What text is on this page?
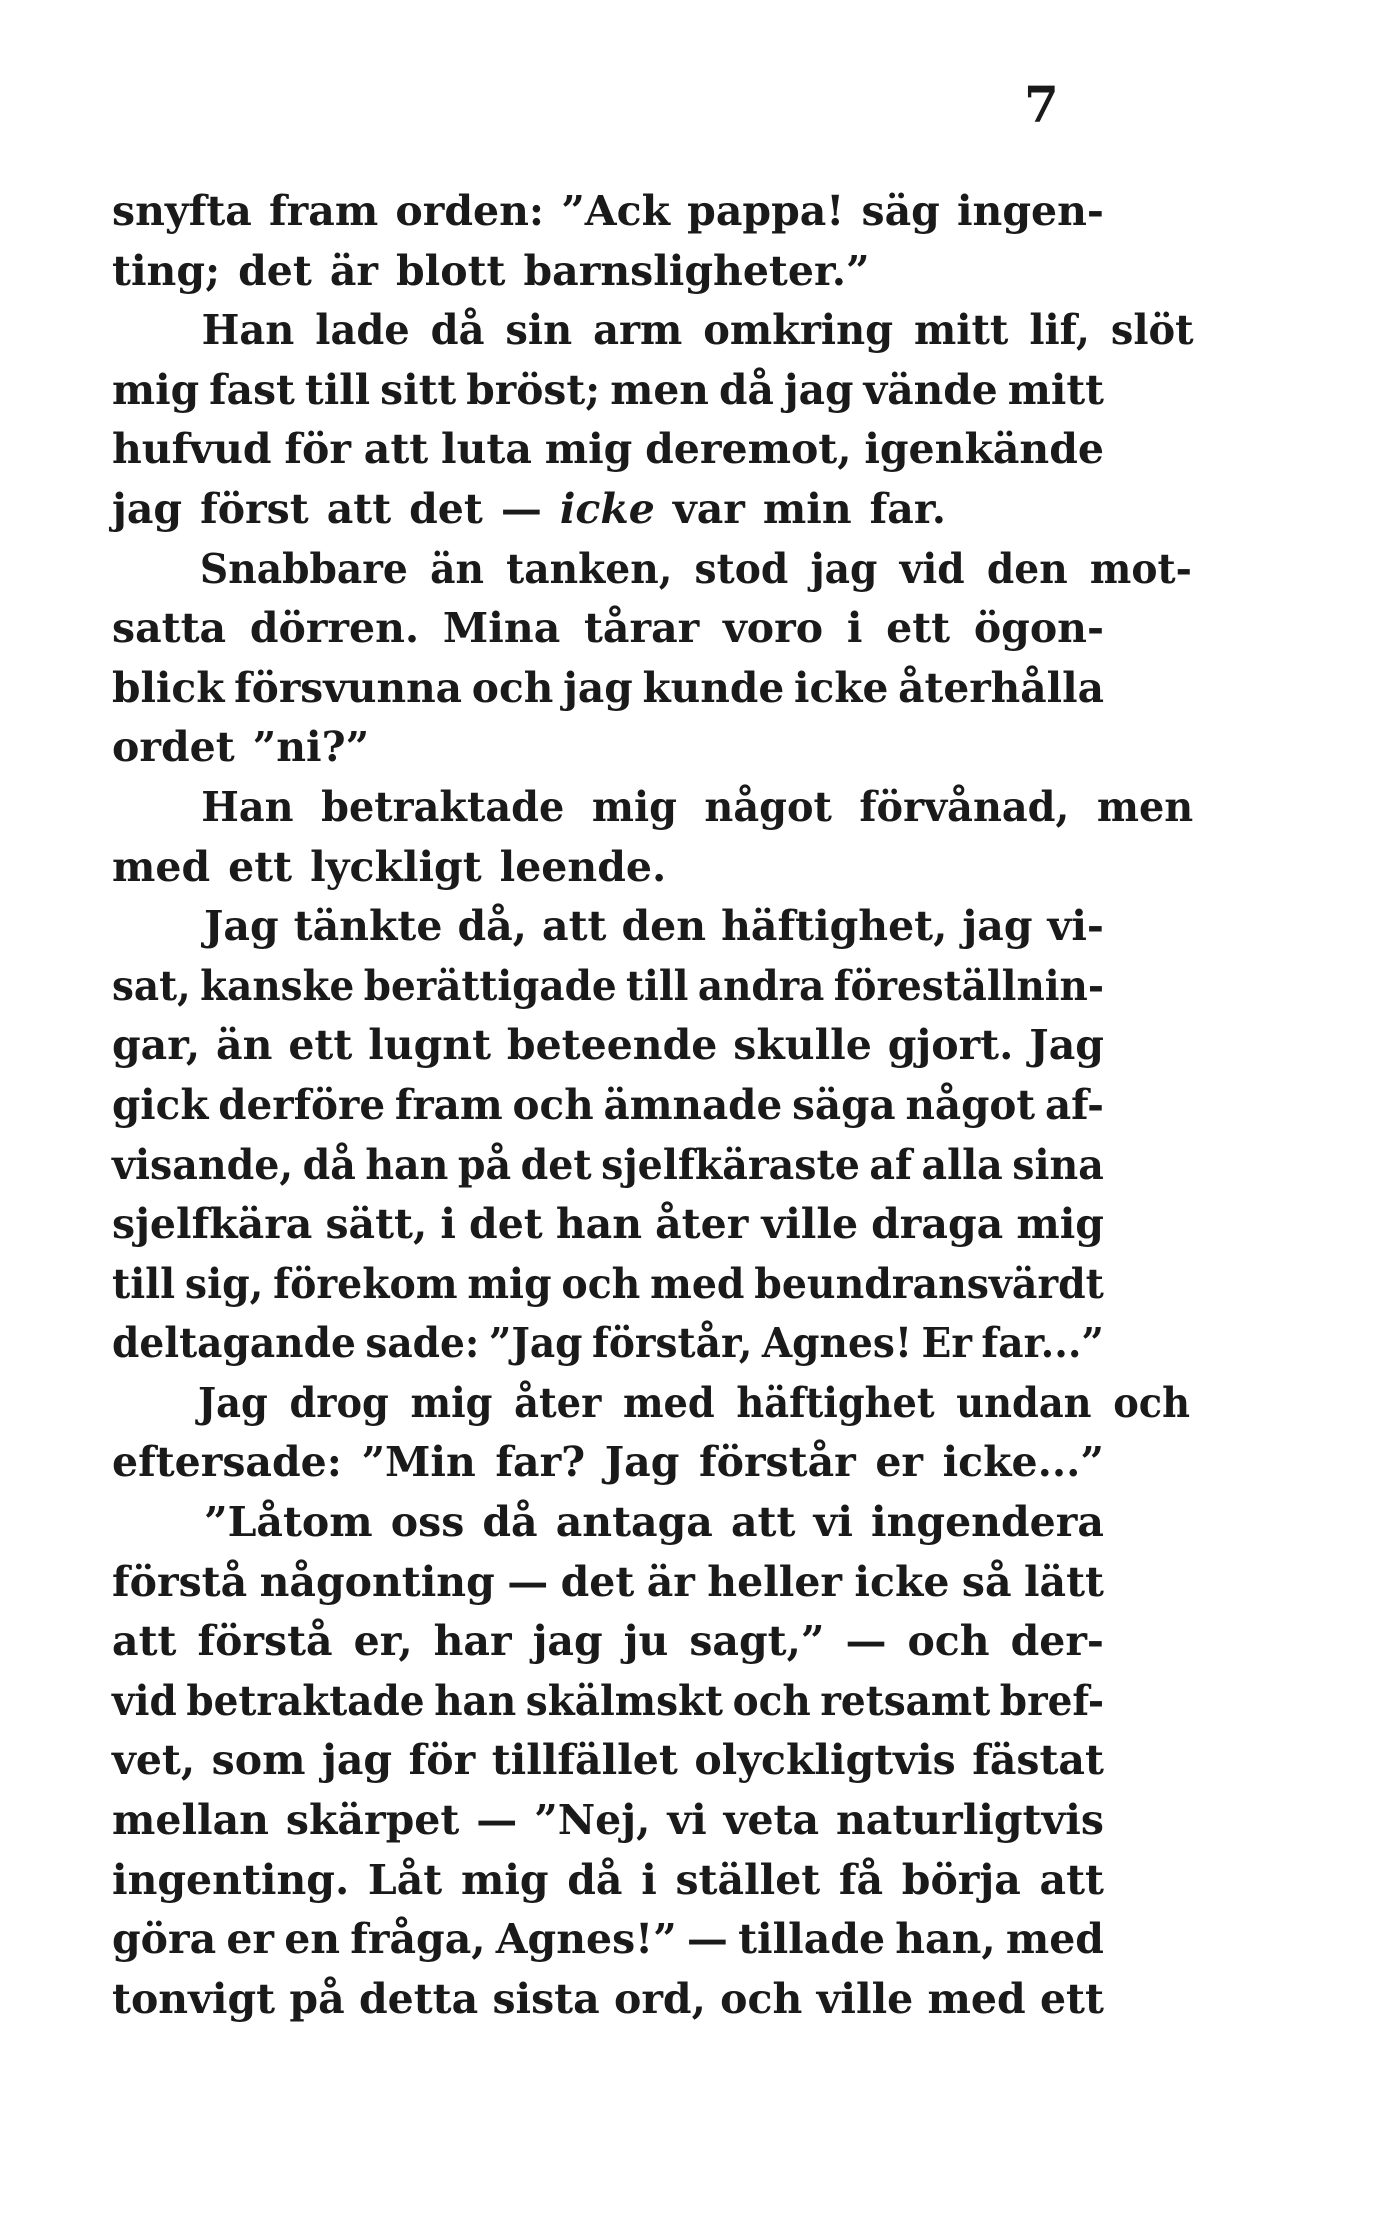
7
snyfta fram orden: ”Ack pappa! säg ingen-
ting; det är blott barnsligheter.”
Han lade då sin arm omkring mitt lif, slöt
mig fast till sitt bröst; men då jag vände mitt
hufvud för att luta mig deremot, igenkände
jag först att det — icke var min far.
Snabbare än tanken, stod jag vid den mot-
satta dörren. Mina tårar voro i ett ögon-
blick försvunna och jag kunde icke återhålla
ordet ”ni?”
Han betraktade mig något förvånad, men
med ett lyckligt leende.
Jag tänkte då, att den häftighet, jag vi-
sat, kanske berättigade till andra föreställnin-
gar, än ett lugnt beteende skulle gjort. Jag
gick derföre fram och ämnade säga något af-
visande, då han på det sjelfkäraste af alla sina
sjelfkära sätt, i det han åter ville draga mig
till sig, förekom mig och med beundransvärdt
deltagande sade: ”Jag förstår, Agnes! Er far...”
Jag drog mig åter med häftighet undan och
eftersade: ”Min far? Jag förstår er icke...”
”Låtom oss då antaga att vi ingendera
förstå någonting — det är heller icke så lätt
att förstå er, har jag ju sagt,” — och der-
vid betraktade han skälmskt och retsamt bref-
vet, som jag för tillfället olyckligtvis fästat
mellan skärpet — ”Nej, vi veta naturligtvis
ingenting. Låt mig då i stället få börja att
göra er en fråga, Agnes!” — tillade han, med
tonvigt på detta sista ord, och ville med ett
